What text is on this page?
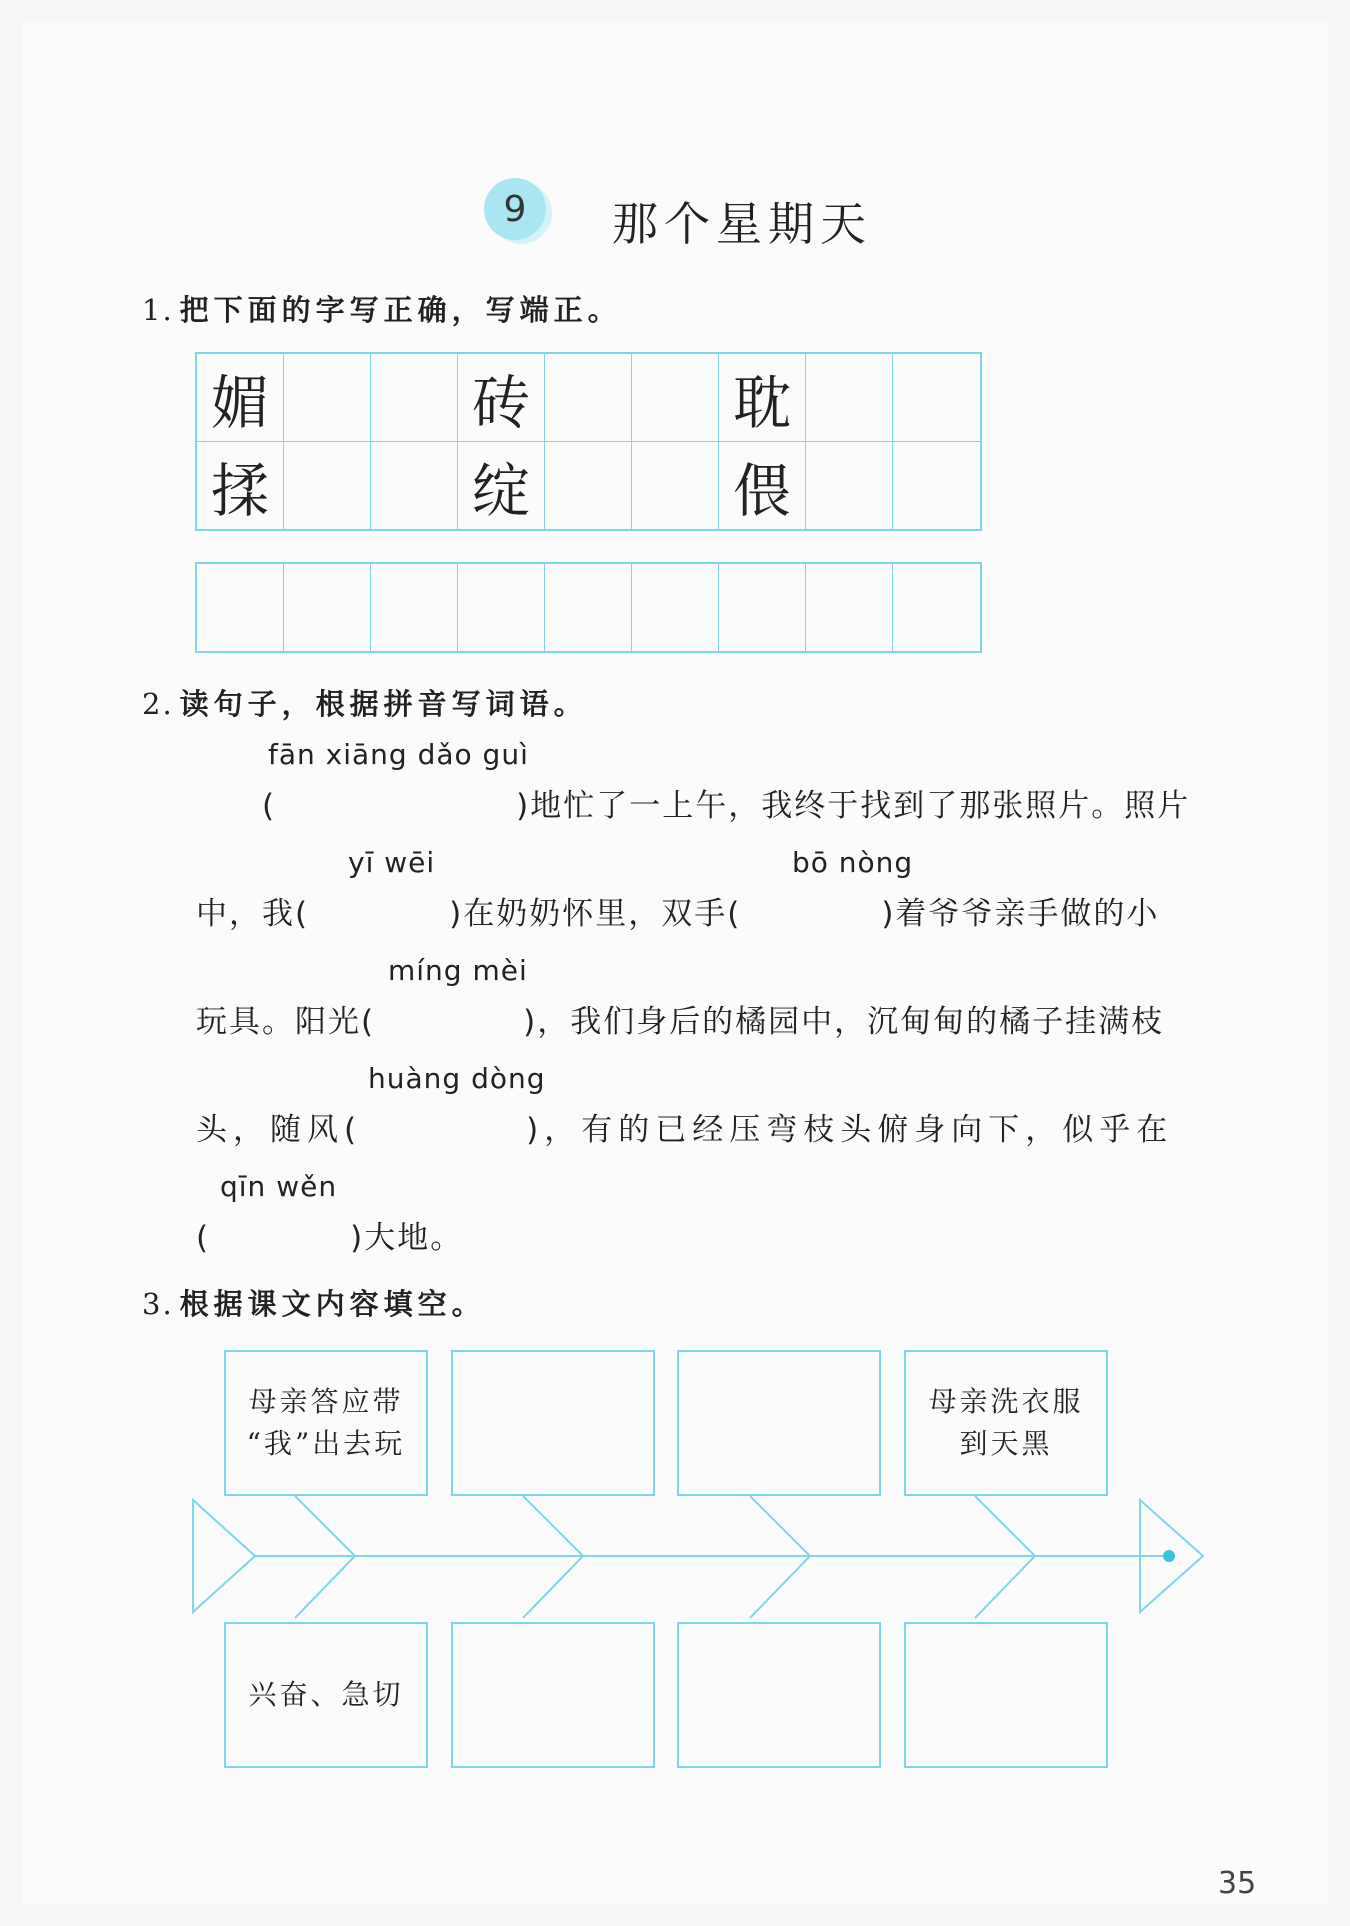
9 那个星期天
1. 把下面的字写正确，写端正。
媚	砖	耽
揉	绽	偎
2. 读句子，根据拼音写词语。
fān xiāng dǎo guì
(	)地忙了一上午，我终于找到了那张照片。照片
yī wēi	bō nòng
中，我(	)在奶奶怀里，双手(	)着爷爷亲手做的小
míng mèi
玩具。阳光(	)，我们身后的橘园中，沉甸甸的橘子挂满枝
huàng dòng
头，随风(	)，有的已经压弯枝头俯身向下，似乎在
qīn wěn
(	)大地。
3. 根据课文内容填空。
母亲答应带
“我”出去玩

母亲洗衣服
到天黑
兴奋、急切
35
